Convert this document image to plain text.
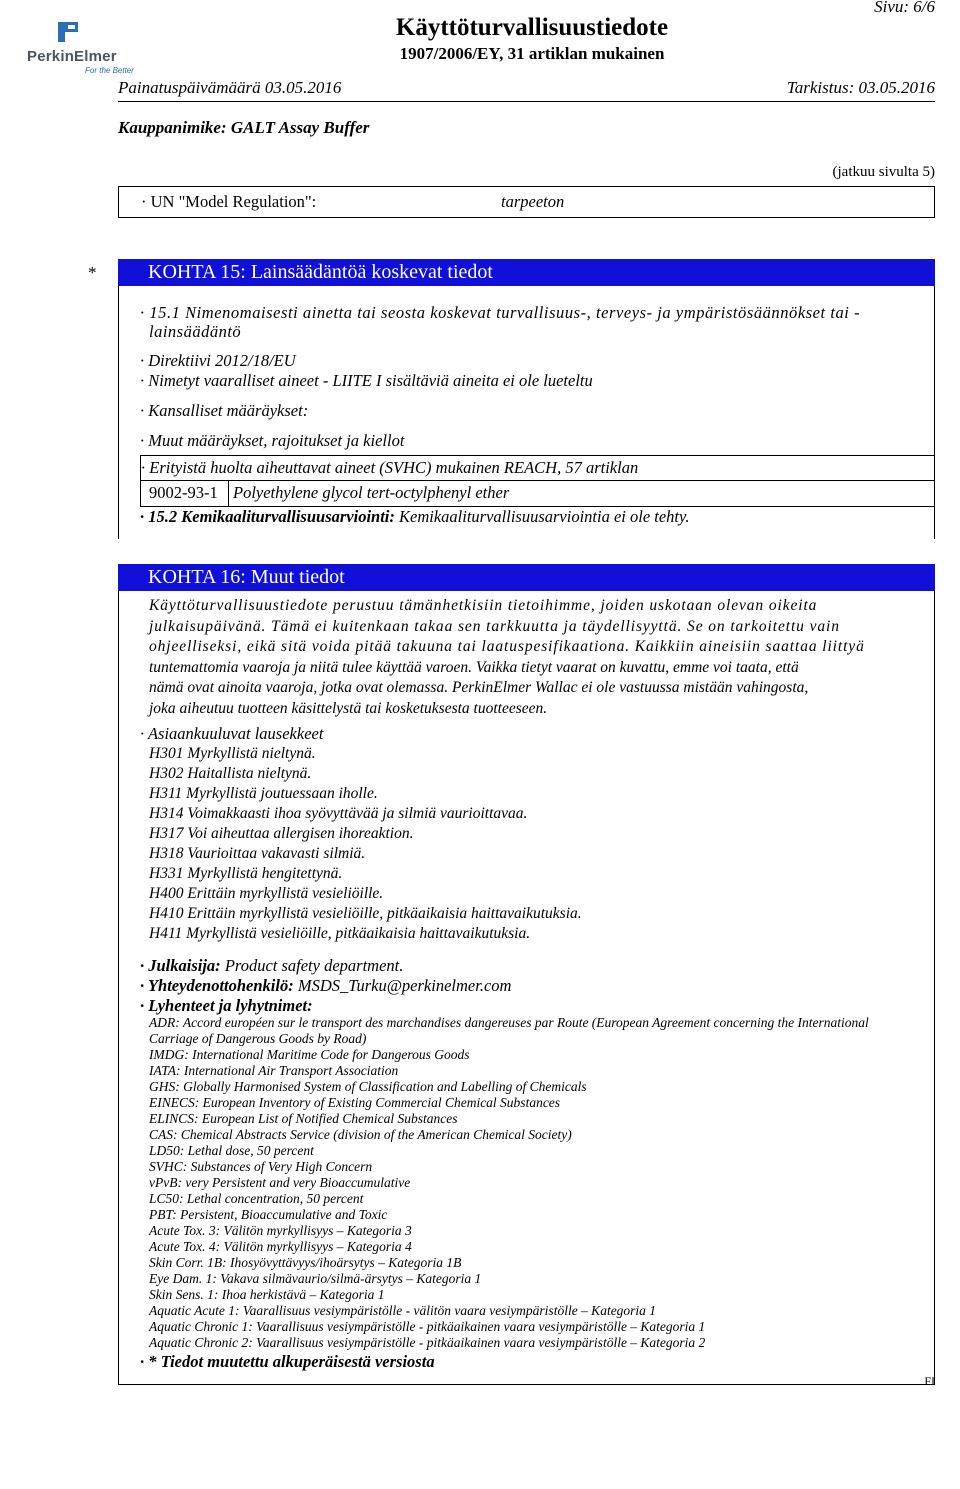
PerkinElmer
For the Better
Käyttöturvallisuustiedote
1907/2006/EY, 31 artiklan mukainen
Sivu: 6/6
Painatuspäivämäärä 03.05.2016	Tarkistus: 03.05.2016
Kauppanimike: GALT Assay Buffer
(jatkuu sivulta 5)
· UN "Model Regulation":	tarpeeton
*	KOHTA 15: Lainsäädäntöä koskevat tiedot
· 15.1 Nimenomaisesti ainetta tai seosta koskevat turvallisuus-, terveys- ja ympäristösäännökset tai -
lainsäädäntö
· Direktiivi 2012/18/EU
· Nimetyt vaaralliset aineet - LIITE I sisältäviä aineita ei ole lueteltu
· Kansalliset määräykset:
· Muut määräykset, rajoitukset ja kiellot
· Erityistä huolta aiheuttavat aineet (SVHC) mukainen REACH, 57 artiklan
9002-93-1 Polyethylene glycol tert-octylphenyl ether
· 15.2 Kemikaaliturvallisuusarviointi: Kemikaaliturvallisuusarviointia ei ole tehty.
KOHTA 16: Muut tiedot
Käyttöturvallisuustiedote perustuu tämänhetkisiin tietoihimme, joiden uskotaan olevan oikeita
julkaisupäivänä. Tämä ei kuitenkaan takaa sen tarkkuutta ja täydellisyyttä. Se on tarkoitettu vain
ohjeelliseksi, eikä sitä voida pitää takuuna tai laatuspesifikaationa. Kaikkiin aineisiin saattaa liittyä
tuntemattomia vaaroja ja niitä tulee käyttää varoen. Vaikka tietyt vaarat on kuvattu, emme voi taata, että
nämä ovat ainoita vaaroja, jotka ovat olemassa. PerkinElmer Wallac ei ole vastuussa mistään vahingosta,
joka aiheutuu tuotteen käsittelystä tai kosketuksesta tuotteeseen.
· Asiaankuuluvat lausekkeet
H301 Myrkyllistä nieltynä.
H302 Haitallista nieltynä.
H311 Myrkyllistä joutuessaan iholle.
H314 Voimakkaasti ihoa syövyttävää ja silmiä vaurioittavaa.
H317 Voi aiheuttaa allergisen ihoreaktion.
H318 Vaurioittaa vakavasti silmiä.
H331 Myrkyllistä hengitettynä.
H400 Erittäin myrkyllistä vesieliöille.
H410 Erittäin myrkyllistä vesieliöille, pitkäaikaisia haittavaikutuksia.
H411 Myrkyllistä vesieliöille, pitkäaikaisia haittavaikutuksia.
· Julkaisija: Product safety department.
· Yhteydenottohenkilö: MSDS_Turku@perkinelmer.com
· Lyhenteet ja lyhytnimet:
ADR: Accord européen sur le transport des marchandises dangereuses par Route (European Agreement concerning the International
Carriage of Dangerous Goods by Road)
IMDG: International Maritime Code for Dangerous Goods
IATA: International Air Transport Association
GHS: Globally Harmonised System of Classification and Labelling of Chemicals
EINECS: European Inventory of Existing Commercial Chemical Substances
ELINCS: European List of Notified Chemical Substances
CAS: Chemical Abstracts Service (division of the American Chemical Society)
LD50: Lethal dose, 50 percent
SVHC: Substances of Very High Concern
vPvB: very Persistent and very Bioaccumulative
LC50: Lethal concentration, 50 percent
PBT: Persistent, Bioaccumulative and Toxic
Acute Tox. 3: Välitön myrkyllisyys – Kategoria 3
Acute Tox. 4: Välitön myrkyllisyys – Kategoria 4
Skin Corr. 1B: Ihosyövyttävyys/ihoärsytys – Kategoria 1B
Eye Dam. 1: Vakava silmävaurio/silmä-ärsytys – Kategoria 1
Skin Sens. 1: Ihoa herkistävä – Kategoria 1
Aquatic Acute 1: Vaarallisuus vesiympäristölle - välitön vaara vesiympäristölle – Kategoria 1
Aquatic Chronic 1: Vaarallisuus vesiympäristölle - pitkäaikainen vaara vesiympäristölle – Kategoria 1
Aquatic Chronic 2: Vaarallisuus vesiympäristölle - pitkäaikainen vaara vesiympäristölle – Kategoria 2
· * Tiedot muutettu alkuperäisestä versiosta
FI
